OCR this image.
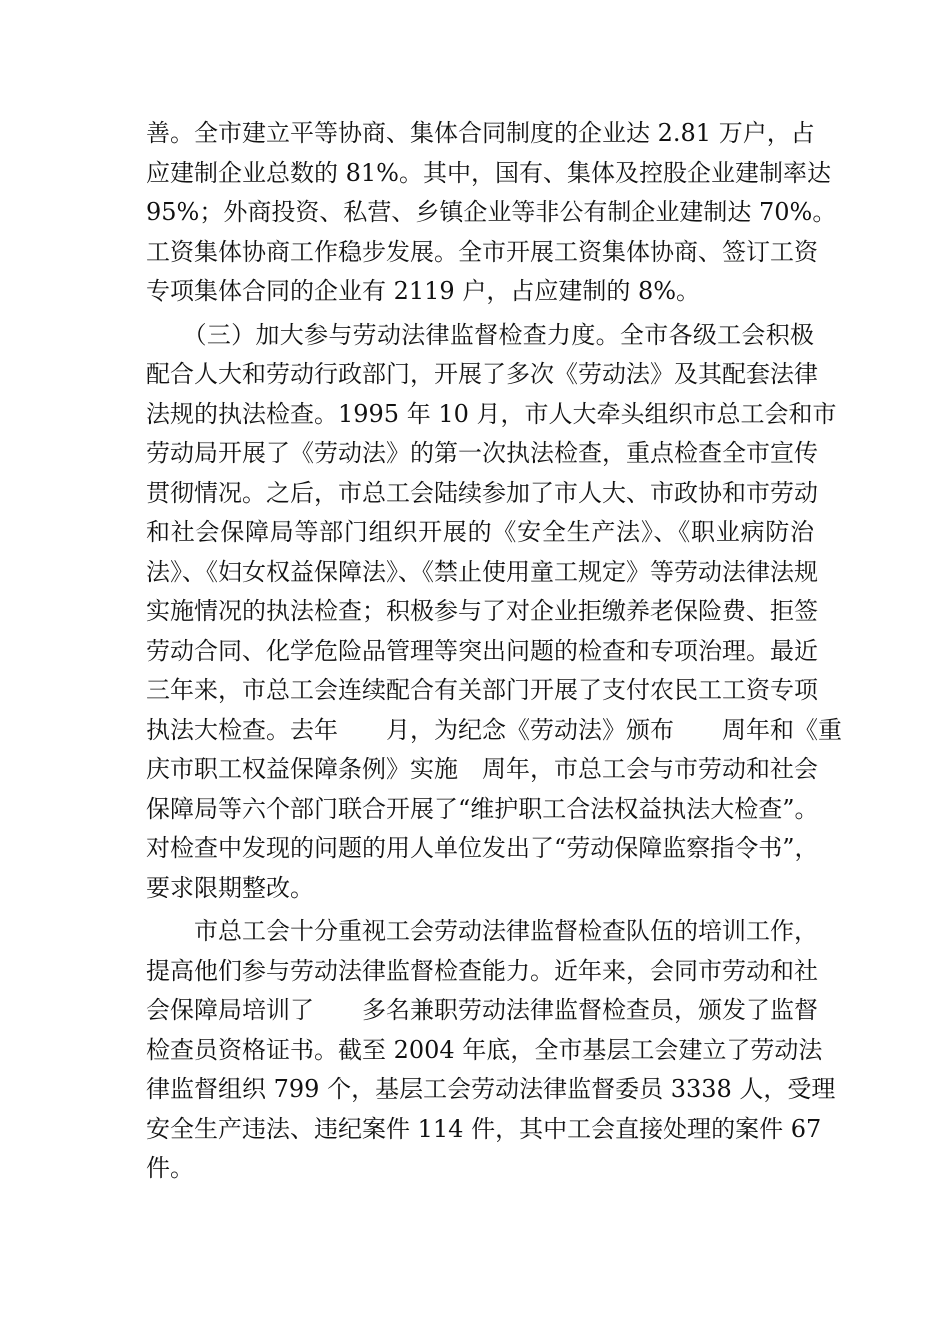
善。全市建立平等协商、集体合同制度的企业达 2.81 万户，占
应建制企业总数的 81%。其中，国有、集体及控股企业建制率达
95%；外商投资、私营、乡镇企业等非公有制企业建制达 70%。
工资集体协商工作稳步发展。全市开展工资集体协商、签订工资
专项集体合同的企业有 2119 户，占应建制的 8%。
　　（三）加大参与劳动法律监督检查力度。全市各级工会积极
配合人大和劳动行政部门，开展了多次《劳动法》及其配套法律
法规的执法检查。1995 年 10 月，市人大牵头组织市总工会和市
劳动局开展了《劳动法》的第一次执法检查，重点检查全市宣传
贯彻情况。之后，市总工会陆续参加了市人大、市政协和市劳动
和社会保障局等部门组织开展的《安全生产法》、《职业病防治
法》、《妇女权益保障法》、《禁止使用童工规定》等劳动法律法规
实施情况的执法检查；积极参与了对企业拒缴养老保险费、拒签
劳动合同、化学危险品管理等突出问题的检查和专项治理。最近
三年来，市总工会连续配合有关部门开展了支付农民工工资专项
执法大检查。去年　　月，为纪念《劳动法》颁布　　周年和《重
庆市职工权益保障条例》实施　周年，市总工会与市劳动和社会
保障局等六个部门联合开展了“维护职工合法权益执法大检查”。
对检查中发现的问题的用人单位发出了“劳动保障监察指令书”，
要求限期整改。
　　市总工会十分重视工会劳动法律监督检查队伍的培训工作，
提高他们参与劳动法律监督检查能力。近年来，会同市劳动和社
会保障局培训了　　多名兼职劳动法律监督检查员，颁发了监督
检查员资格证书。截至 2004 年底，全市基层工会建立了劳动法
律监督组织 799 个，基层工会劳动法律监督委员 3338 人，受理
安全生产违法、违纪案件 114 件，其中工会直接处理的案件 67
件。
